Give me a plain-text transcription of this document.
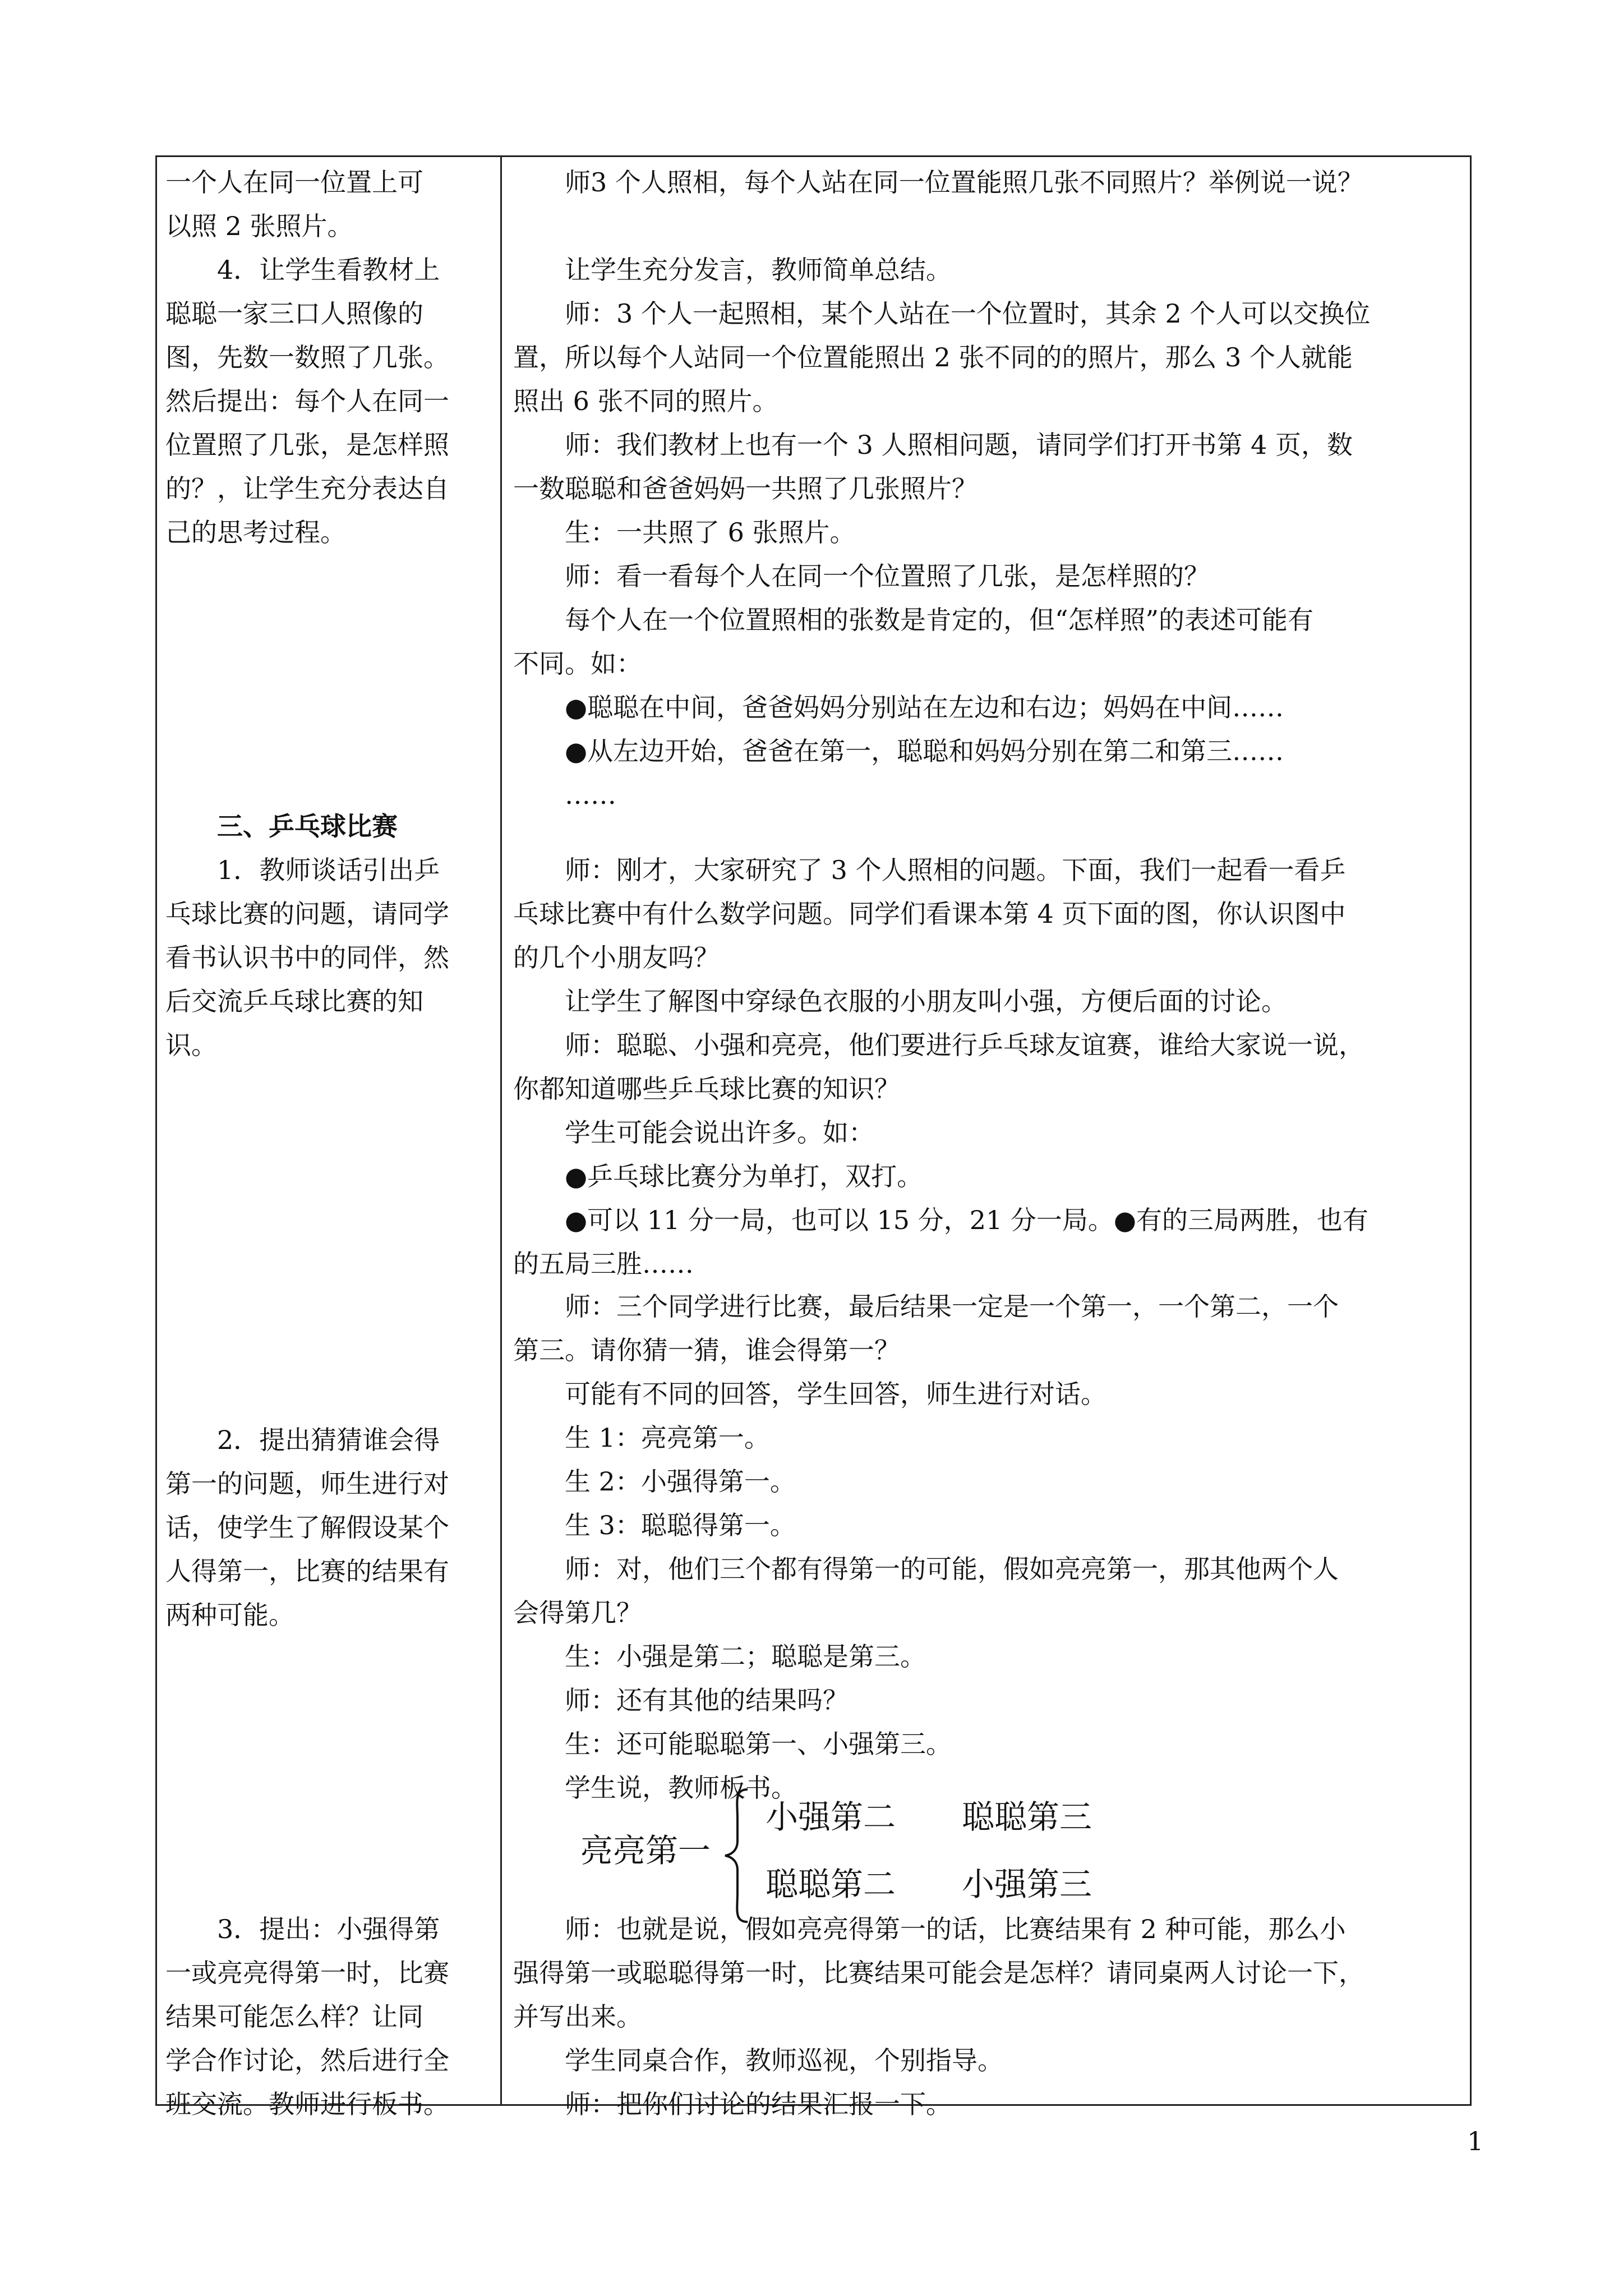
一个人在同一位置上可
以照 2 张照片。
4．让学生看教材上
聪聪一家三口人照像的
图，先数一数照了几张。
然后提出：每个人在同一
位置照了几张，是怎样照
的？，让学生充分表达自
己的思考过程。
三、乒乓球比赛
1．教师谈话引出乒
乓球比赛的问题，请同学
看书认识书中的同伴，然
后交流乒乓球比赛的知
识。
2．提出猜猜谁会得
第一的问题，师生进行对
话，使学生了解假设某个
人得第一，比赛的结果有
两种可能。
3．提出：小强得第
一或亮亮得第一时，比赛
结果可能怎么样？让同
学合作讨论，然后进行全
班交流。教师进行板书。
师3 个人照相，每个人站在同一位置能照几张不同照片？举例说一说？
让学生充分发言，教师简单总结。
师：3 个人一起照相，某个人站在一个位置时，其余 2 个人可以交换位
置，所以每个人站同一个位置能照出 2 张不同的的照片，那么 3 个人就能
照出 6 张不同的照片。
师：我们教材上也有一个 3 人照相问题，请同学们打开书第 4 页，数
一数聪聪和爸爸妈妈一共照了几张照片？
生：一共照了 6 张照片。
师：看一看每个人在同一个位置照了几张，是怎样照的？
每个人在一个位置照相的张数是肯定的，但“怎样照”的表述可能有
不同。如：
●聪聪在中间，爸爸妈妈分别站在左边和右边；妈妈在中间……
●从左边开始，爸爸在第一，聪聪和妈妈分别在第二和第三……
……
师：刚才，大家研究了 3 个人照相的问题。下面，我们一起看一看乒
乓球比赛中有什么数学问题。同学们看课本第 4 页下面的图，你认识图中
的几个小朋友吗？
让学生了解图中穿绿色衣服的小朋友叫小强，方便后面的讨论。
师：聪聪、小强和亮亮，他们要进行乒乓球友谊赛，谁给大家说一说，
你都知道哪些乒乓球比赛的知识？
学生可能会说出许多。如：
●乒乓球比赛分为单打，双打。
●可以 11 分一局，也可以 15 分，21 分一局。●有的三局两胜，也有
的五局三胜……
师：三个同学进行比赛，最后结果一定是一个第一，一个第二，一个
第三。请你猜一猜，谁会得第一？
可能有不同的回答，学生回答，师生进行对话。
生 1：亮亮第一。
生 2：小强得第一。
生 3：聪聪得第一。
师：对，他们三个都有得第一的可能，假如亮亮第一，那其他两个人
会得第几？
生：小强是第二；聪聪是第三。
师：还有其他的结果吗？
生：还可能聪聪第一、小强第三。
学生说，教师板书。
亮亮第一
小强第二 聪聪第三
聪聪第二 小强第三
师：也就是说，假如亮亮得第一的话，比赛结果有 2 种可能，那么小
强得第一或聪聪得第一时，比赛结果可能会是怎样？请同桌两人讨论一下，
并写出来。
学生同桌合作，教师巡视，个别指导。
师：把你们讨论的结果汇报一下。
1
